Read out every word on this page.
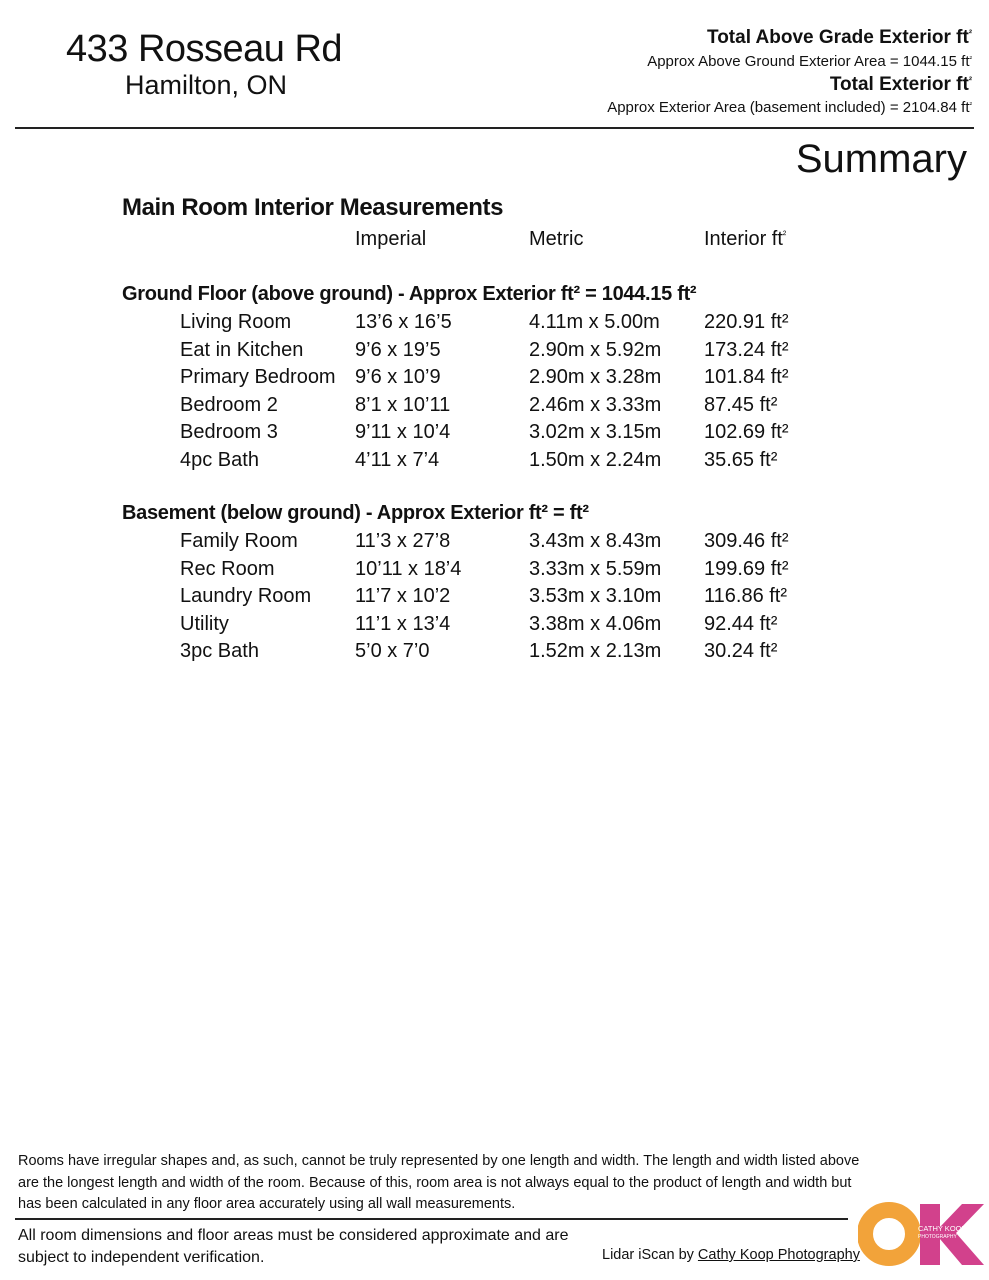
433 Rosseau Rd
Hamilton, ON
Total Above Grade Exterior $ft^{^2}$
Approx Above Ground Exterior Area = 1044.15 $ft^{^2}$
Total Exterior $ft^{^2}$
Approx Exterior Area (basement included) = 2104.84 $ft^{^2}$
Summary
Main Room Interior Measurements
Imperial	Metric	Interior $ft^{^2}$
Ground Floor (above ground) - Approx Exterior ft² = 1044.15 ft²
Living Room	13’6 x 16’5	4.11m x 5.00m 220.91 ft²
Eat in Kitchen	9’6 x 19’5	2.90m x 5.92m 173.24 ft²
Primary Bedroom 9’6 x 10’9	2.90m x 3.28m 101.84 ft²
Bedroom 2	8’1 x 10’11	2.46m x 3.33m 87.45 ft²
Bedroom 3	9’11 x 10’4	3.02m x 3.15m 102.69 ft²
4pc Bath	4’11 x 7’4	1.50m x 2.24m 35.65 ft²
Basement (below ground) - Approx Exterior ft² = ft²
Family Room	11’3 x 27’8	3.43m x 8.43m 309.46 ft²
Rec Room	10’11 x 18’4	3.33m x 5.59m 199.69 ft²
Laundry Room 11’7 x 10’2	3.53m x 3.10m 116.86 ft²
Utility	11’1 x 13’4	3.38m x 4.06m 92.44 ft²
3pc Bath	5’0 x 7’0	1.52m x 2.13m 30.24 ft²
Rooms have irregular shapes and, as such, cannot be truly represented by one length and width. The length and width listed above are the longest length and width of the room. Because of this, room area is not always equal to the product of length and width but has been calculated in any floor area accurately using all wall measurements.
All room dimensions and floor areas must be considered approximate and are subject to independent verification.	Lidar iScan by Cathy Koop Photography
CATHY KOOP
PHOTOGRAPHY
